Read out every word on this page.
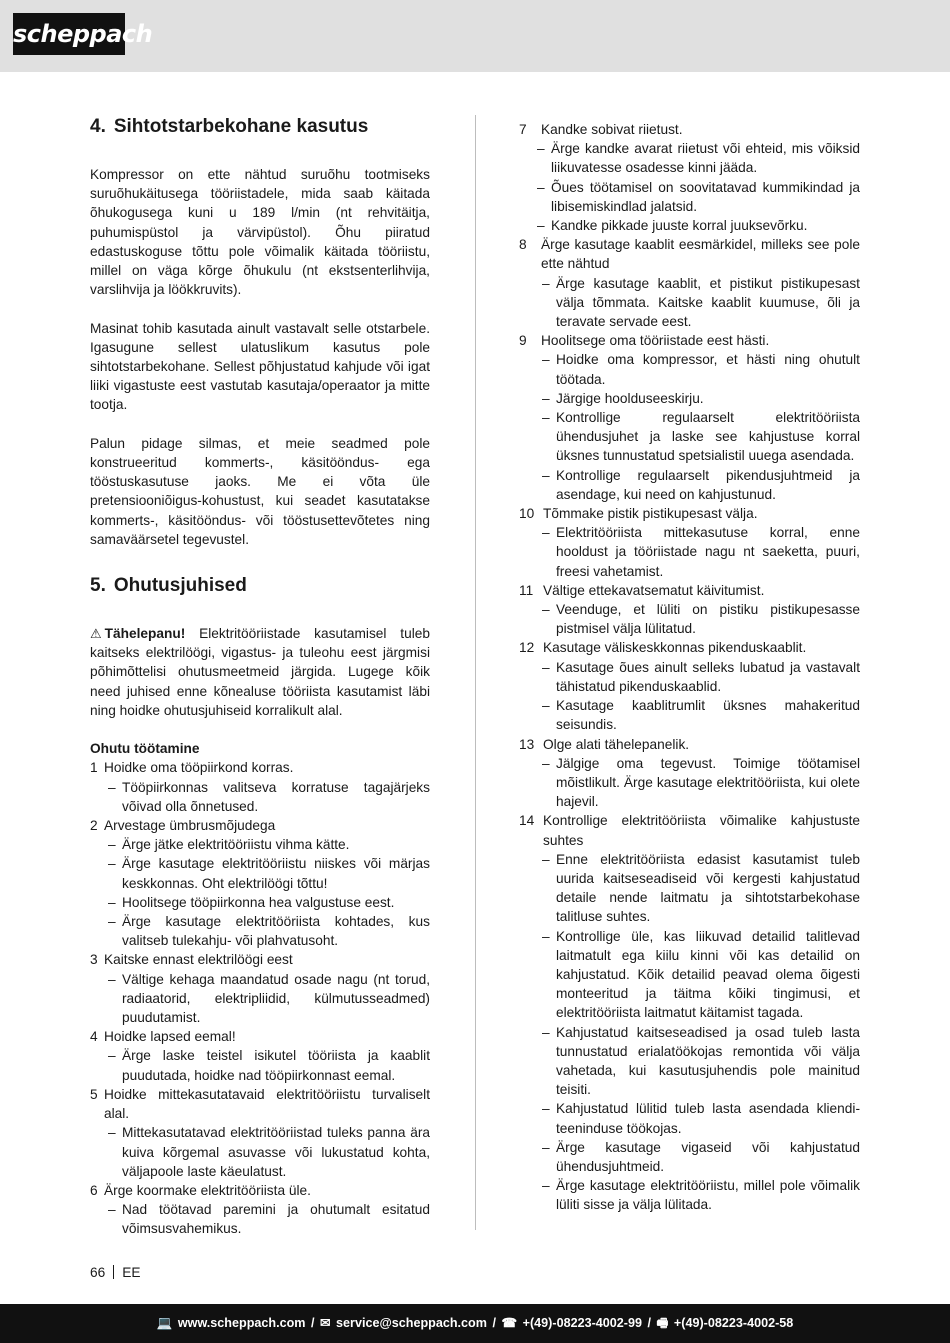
scheppach
4. Sihtotstarbekohane kasutus

Kompressor on ette nähtud suruõhu tootmiseks suruõhukäitusega tööriistadele, mida saab käitada õhukogusega kuni u 189 l/min (nt rehvitäitja, puhumispüstol ja värvipüstol). Õhu piiratud edastuskoguse tõttu pole võimalik käitada tööriistu, millel on väga kõrge õhukulu (nt ekstsenterlihvija, varslihvija ja löökkruvits).

Masinat tohib kasutada ainult vastavalt selle otstarbele. Igasugune sellest ulatuslikum kasutus pole sihtotstarbekohane. Sellest põhjustatud kahjude või igat liiki vigastuste eest vastutab kasutaja/operaator ja mitte tootja.

Palun pidage silmas, et meie seadmed pole konstrueeritud kommerts-, käsitööndus- ega tööstuskasutuse jaoks. Me ei võta üle pretensiooniõigus-kohustust, kui seadet kasutatakse kommerts-, käsitööndus- või tööstusettevõtetes ning samaväärsetel tegevustel.

5. Ohutusjuhised

⚠ Tähelepanu! Elektritööriistade kasutamisel tuleb kaitseks elektrilöögi, vigastus- ja tuleohu eest järgmisi põhimõttelisi ohutusmeetmeid järgida. Lugege kõik need juhised enne kõnealuse tööriista kasutamist läbi ning hoidke ohutusjuhiseid korralikult alal.

Ohutu töötamine
1 Hoidke oma tööpiirkond korras.
– Tööpiirkonnas valitseva korratuse tagajärjeks võivad olla õnnetused.
2 Arvestage ümbrusmõjudega
– Ärge jätke elektritööriistu vihma kätte.
– Ärge kasutage elektritööriistu niiskes või märjas keskkonnas. Oht elektrilöögi tõttu!
– Hoolitsege tööpiirkonna hea valgustuse eest.
– Ärge kasutage elektritööriista kohtades, kus valitseb tulekahju- või plahvatusoht.
3 Kaitske ennast elektrilöögi eest
– Vältige kehaga maandatud osade nagu (nt torud, radiaatorid, elektripliidid, külmutusseadmed) puudutamist.
4 Hoidke lapsed eemal!
– Ärge laske teistel isikutel tööriista ja kaablit puudutada, hoidke nad tööpiirkonnast eemal.
5 Hoidke mittekasutatavaid elektritööriistu turvaliselt alal.
– Mittekasutatavad elektritööriistad tuleks panna ära kuiva kõrgemal asuvasse või lukustatud kohta, väljapoole laste käeulatust.
6 Ärge koormake elektritööriista üle.
– Nad töötavad paremini ja ohutumalt esitatud võimsusvahemikus.
7 Kandke sobivat riietust.
– Ärge kandke avarat riietust või ehteid, mis võiksid liikuvatesse osadesse kinni jääda.
– Õues töötamisel on soovitatavad kummikindad ja libisemiskindlad jalatsid.
– Kandke pikkade juuste korral juuksevõrku.
8 Ärge kasutage kaablit eesmärkidel, milleks see pole ette nähtud
– Ärge kasutage kaablit, et pistikut pistikupesast välja tõmmata. Kaitske kaablit kuumuse, õli ja teravate servade eest.
9 Hoolitsege oma tööriistade eest hästi.
– Hoidke oma kompressor, et hästi ning ohutult töötada.
– Järgige hoolduseeskirju.
– Kontrollige regulaarselt elektritööriista ühendusjuhet ja laske see kahjustuse korral üksnes tunnustatud spetsialistil uuega asendada.
– Kontrollige regulaarselt pikendusjuhtmeid ja asendage, kui need on kahjustunud.
10 Tõmmake pistik pistikupesast välja.
– Elektritööriista mittekasutuse korral, enne hooldust ja tööriistade nagu nt saeketta, puuri, freesi vahetamist.
11 Vältige ettekavatsematut käivitumist.
– Veenduge, et lüliti on pistiku pistikupesasse pistmisel välja lülitatud.
12 Kasutage väliskeskkonnas pikenduskaablit.
– Kasutage õues ainult selleks lubatud ja vastavalt tähistatud pikenduskaablid.
– Kasutage kaablitrumlit üksnes mahakeritud seisundis.
13 Olge alati tähelepanelik.
– Jälgige oma tegevust. Toimige töötamisel mõistlikult. Ärge kasutage elektritööriista, kui olete hajevil.
14 Kontrollige elektritööriista võimalike kahjustuste suhtes
– Enne elektritööriista edasist kasutamist tuleb uurida kaitseseadiseid või kergesti kahjustatud detaile nende laitmatu ja sihtotstarbekohase talitluse suhtes.
– Kontrollige üle, kas liikuvad detailid talitlevad laitmatult ega kiilu kinni või kas detailid on kahjustatud. Kõik detailid peavad olema õigesti monteeritud ja täitma kõiki tingimusi, et elektritööriista laitmatut käitamist tagada.
– Kahjustatud kaitseseadised ja osad tuleb lasta tunnustatud erialatöökojas remontida või välja vahetada, kui kasutusjuhendis pole mainitud teisiti.
– Kahjustatud lülitid tuleb lasta asendada klienditeeninduse töökojas.
– Ärge kasutage vigaseid või kahjustatud ühendusjuhtmeid.
– Ärge kasutage elektritööriistu, millel pole võimalik lüliti sisse ja välja lülitada.
66 EE
💻 www.scheppach.com / ✉ service@scheppach.com / ☎ +(49)-08223-4002-99 / 🖷 +(49)-08223-4002-58
